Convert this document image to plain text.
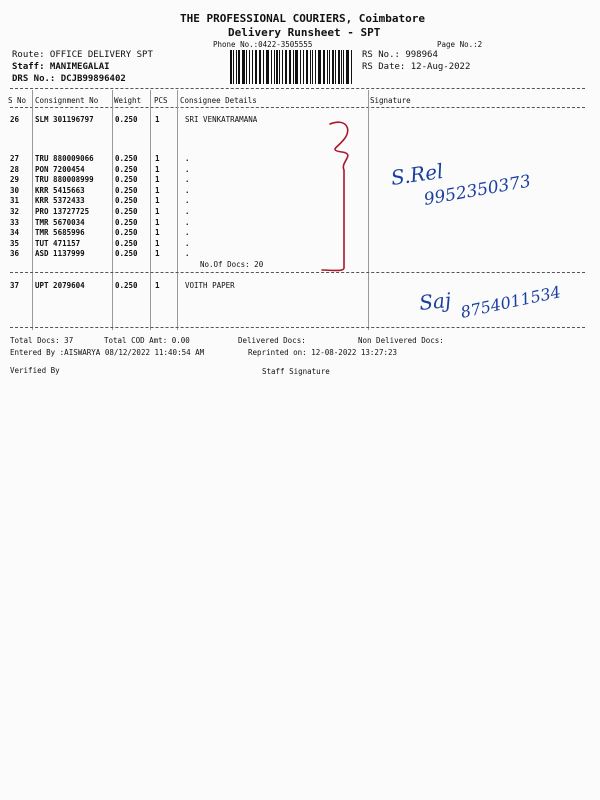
THE PROFESSIONAL COURIERS, Coimbatore
Delivery Runsheet - SPT
Phone No.:0422-3505555	Page No.:2
Route: OFFICE DELIVERY SPT
Staff: MANIMEGALAI
DRS No.: DCJB99896402
RS No.: 998964
RS Date: 12-Aug-2022
S No Consignment No Weight PCS Consignee Details	Signature
26 SLM 301196797	0.250 1	SRI VENKATRAMANA
27 TRU 880009066	0.250 1	.
28 PON 7200454	0.250 1	.
29 TRU 880008999	0.250 1	.
30 KRR 5415663	0.250 1	.
31 KRR 5372433	0.250 1	.
32 PRO 13727725	0.250 1	.
33 TMR 5670034	0.250 1	.
34 TMR 5685996	0.250 1	.
35 TUT 471157	0.250 1	.
36 ASD 1137999	0.250 1	.
No.Of Docs: 20
37 UPT 2079604	0.250 1	VOITH PAPER
S.Rel
9952350373
Saj 8754011534
Total Docs: 37	Total COD Amt: 0.00	Delivered Docs:	Non Delivered Docs:
Entered By :AISWARYA 08/12/2022 11:40:54 AM	Reprinted on: 12-08-2022 13:27:23
Verified By	Staff Signature
